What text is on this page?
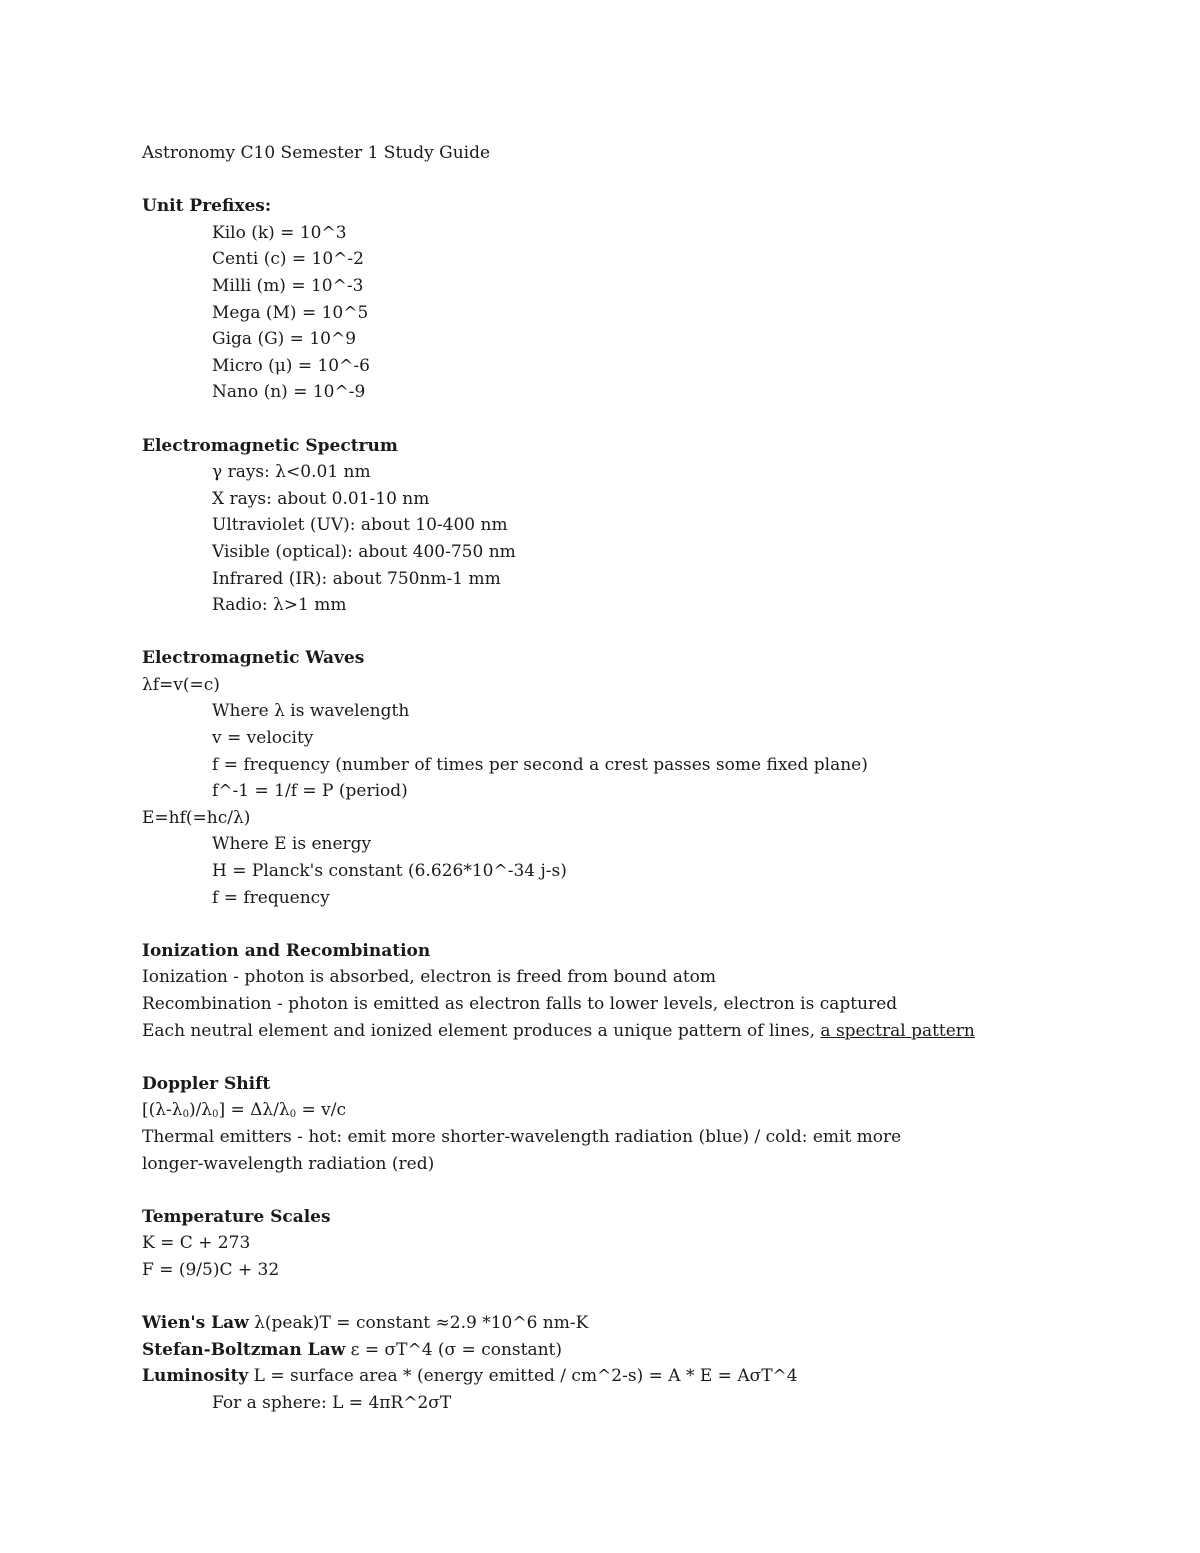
Astronomy C10 Semester 1 Study Guide
Unit Prefixes:
Kilo (k) = 10^3
Centi (c) = 10^-2
Milli (m) = 10^-3
Mega (M) = 10^5
Giga (G) = 10^9
Micro (μ) = 10^-6
Nano (n) = 10^-9
Electromagnetic Spectrum
γ rays: λ<0.01 nm
X rays: about 0.01-10 nm
Ultraviolet (UV): about 10-400 nm
Visible (optical): about 400-750 nm
Infrared (IR): about 750nm-1 mm
Radio: λ>1 mm
Electromagnetic Waves
λf=v(=c)
Where λ is wavelength
v = velocity
f = frequency (number of times per second a crest passes some fixed plane)
f^-1 = 1/f = P (period)
E=hf(=hc/λ)
Where E is energy
H = Planck's constant (6.626*10^-34 j-s)
f = frequency
Ionization and Recombination
Ionization - photon is absorbed, electron is freed from bound atom
Recombination - photon is emitted as electron falls to lower levels, electron is captured
Each neutral element and ionized element produces a unique pattern of lines, a spectral pattern
Doppler Shift
$[(\lambda-\lambda_0)/\lambda_0] = \Delta\lambda/\lambda_0 = v/c$
Thermal emitters - hot: emit more shorter-wavelength radiation (blue) / cold: emit more
longer-wavelength radiation (red)
Temperature Scales
K = C + 273
F = (9/5)C + 32
Wien's Law λ(peak)T = constant ≈2.9 *10^6 nm-K
Stefan-Boltzman Law ε = σT^4 (σ = constant)
Luminosity L = surface area * (energy emitted / cm^2-s) = A * E = AσT^4
For a sphere: L = 4πR^2σT
